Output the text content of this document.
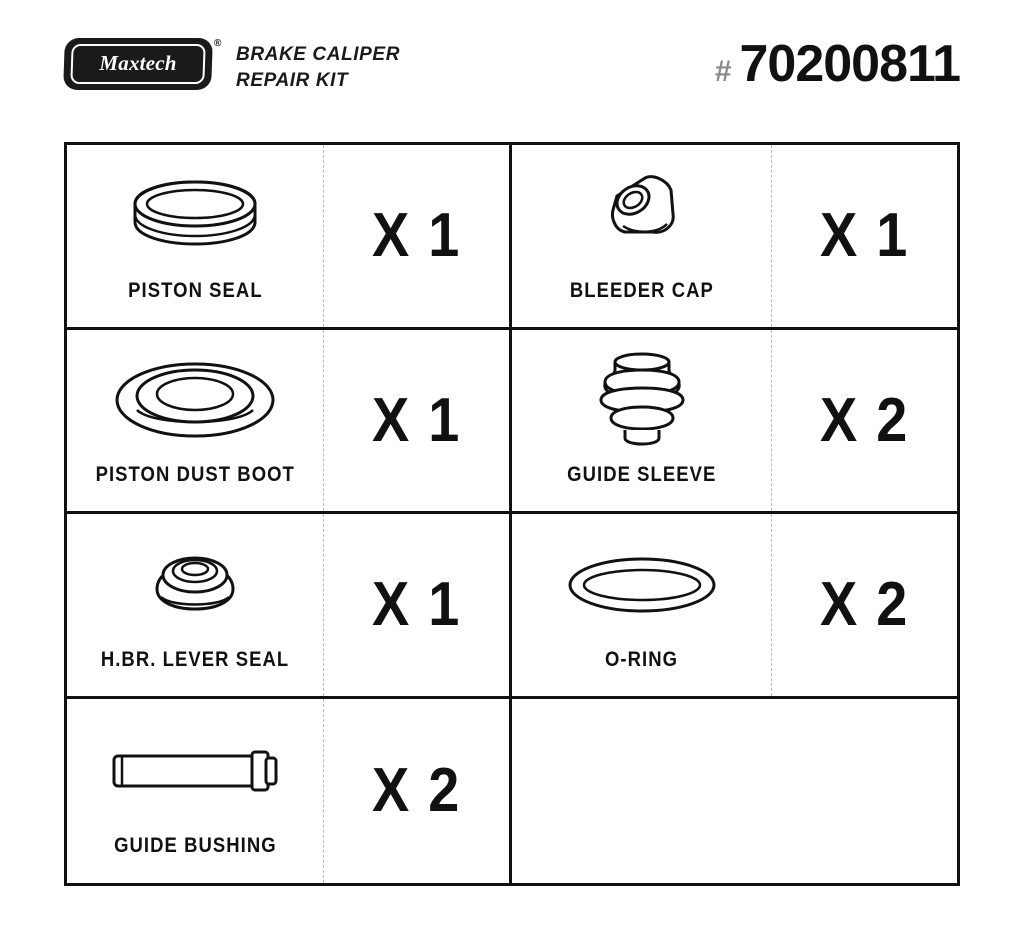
Maxtech
®
BRAKE CALIPER
REPAIR KIT	# 70200811
PISTON SEAL
X 1
BLEEDER CAP
X 1
PISTON DUST BOOT
X 1
GUIDE SLEEVE
X 2
H.BR. LEVER SEAL
X 1
O-RING
X 2
GUIDE BUSHING
X 2
